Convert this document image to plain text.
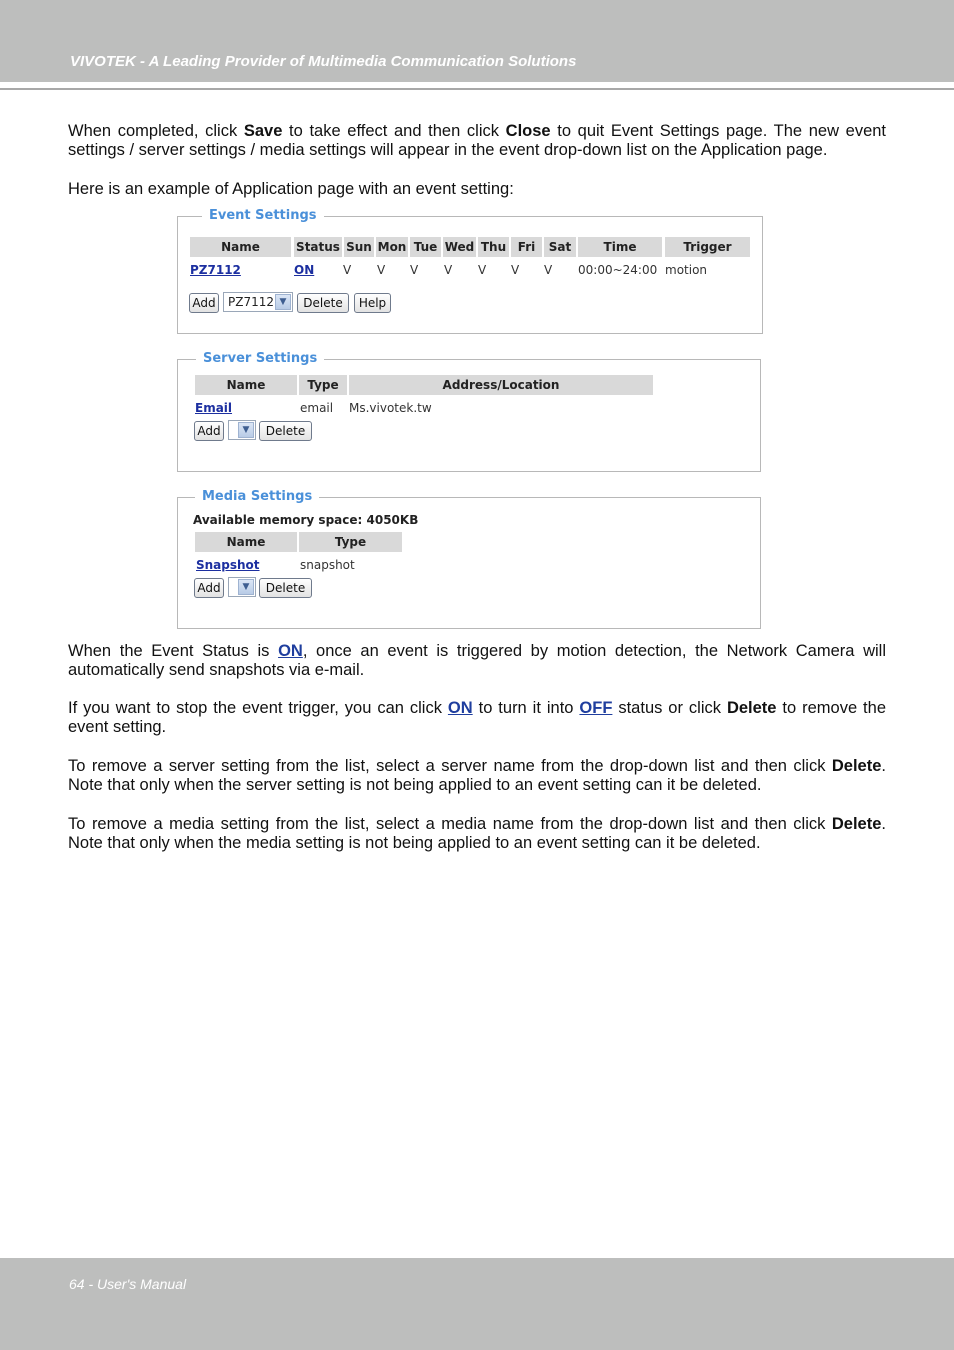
VIVOTEK - A Leading Provider of Multimedia Communication Solutions
When completed, click Save to take effect and then click Close to quit Event Settings page. The new event settings / server settings / media settings will appear in the event drop-down list on the Application page.
Here is an example of Application page with an event setting:
Event Settings
Name	Status Sun Mon Tue Wed Thu Fri	Sat	Time	Trigger
PZ7112	ON V V V V V V V 00:00~24:00 motion
Add	PZ7112 ▼	Delete	Help
Server Settings
Name	Type	Address/Location
Email	email Ms.vivotek.tw
Add	▼	Delete
Media Settings
Available memory space: 4050KB
Name	Type
Snapshot	snapshot
Add	▼	Delete
When the Event Status is ON, once an event is triggered by motion detection, the Network Camera will automatically send snapshots via e-mail.
If you want to stop the event trigger, you can click ON to turn it into OFF status or click Delete to remove the event setting.
To remove a server setting from the list, select a server name from the drop-down list and then click Delete. Note that only when the server setting is not being applied to an event setting can it be deleted.
To remove a media setting from the list, select a media name from the drop-down list and then click Delete. Note that only when the media setting is not being applied to an event setting can it be deleted.
64 - User's Manual
